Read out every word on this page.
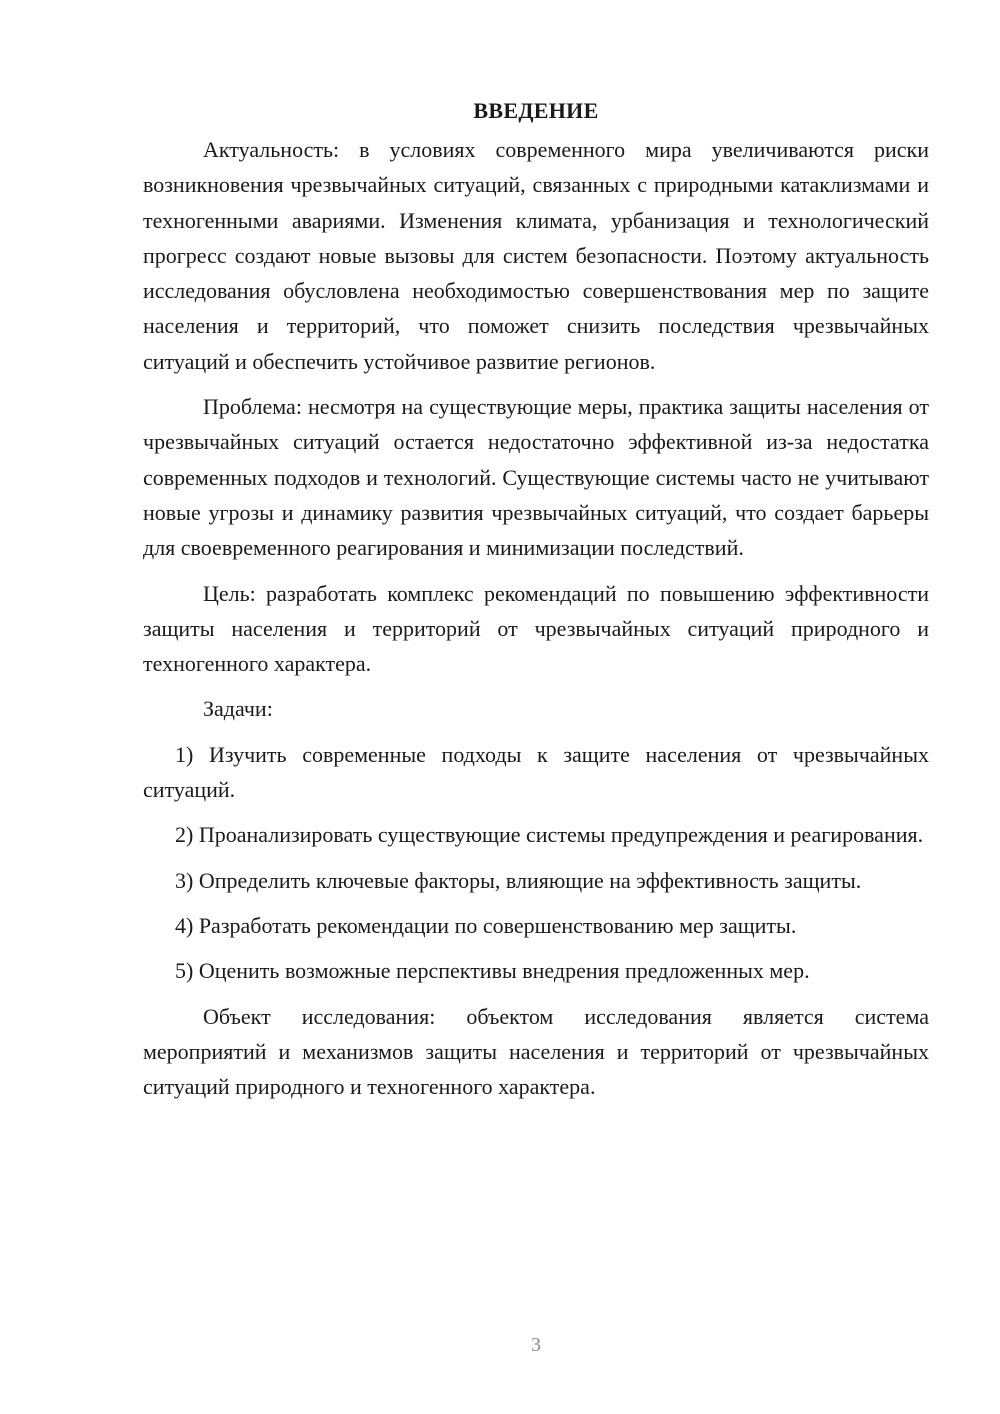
ВВЕДЕНИЕ

Актуальность: в условиях современного мира увеличиваются риски возникновения чрезвычайных ситуаций, связанных с природными катаклизмами и техногенными авариями. Изменения климата, урбанизация и технологический прогресс создают новые вызовы для систем безопасности. Поэтому актуальность исследования обусловлена необходимостью совершенствования мер по защите населения и территорий, что поможет снизить последствия чрезвычайных ситуаций и обеспечить устойчивое развитие регионов.

Проблема: несмотря на существующие меры, практика защиты населения от чрезвычайных ситуаций остается недостаточно эффективной из-за недостатка современных подходов и технологий. Существующие системы часто не учитывают новые угрозы и динамику развития чрезвычайных ситуаций, что создает барьеры для своевременного реагирования и минимизации последствий.

Цель: разработать комплекс рекомендаций по повышению эффективности защиты населения и территорий от чрезвычайных ситуаций природного и техногенного характера.

Задачи:

1) Изучить современные подходы к защите населения от чрезвычайных ситуаций.

2) Проанализировать существующие системы предупреждения и реагирования.

3) Определить ключевые факторы, влияющие на эффективность защиты.

4) Разработать рекомендации по совершенствованию мер защиты.

5) Оценить возможные перспективы внедрения предложенных мер.

Объект исследования: объектом исследования является система мероприятий и механизмов защиты населения и территорий от чрезвычайных ситуаций природного и техногенного характера.

3
